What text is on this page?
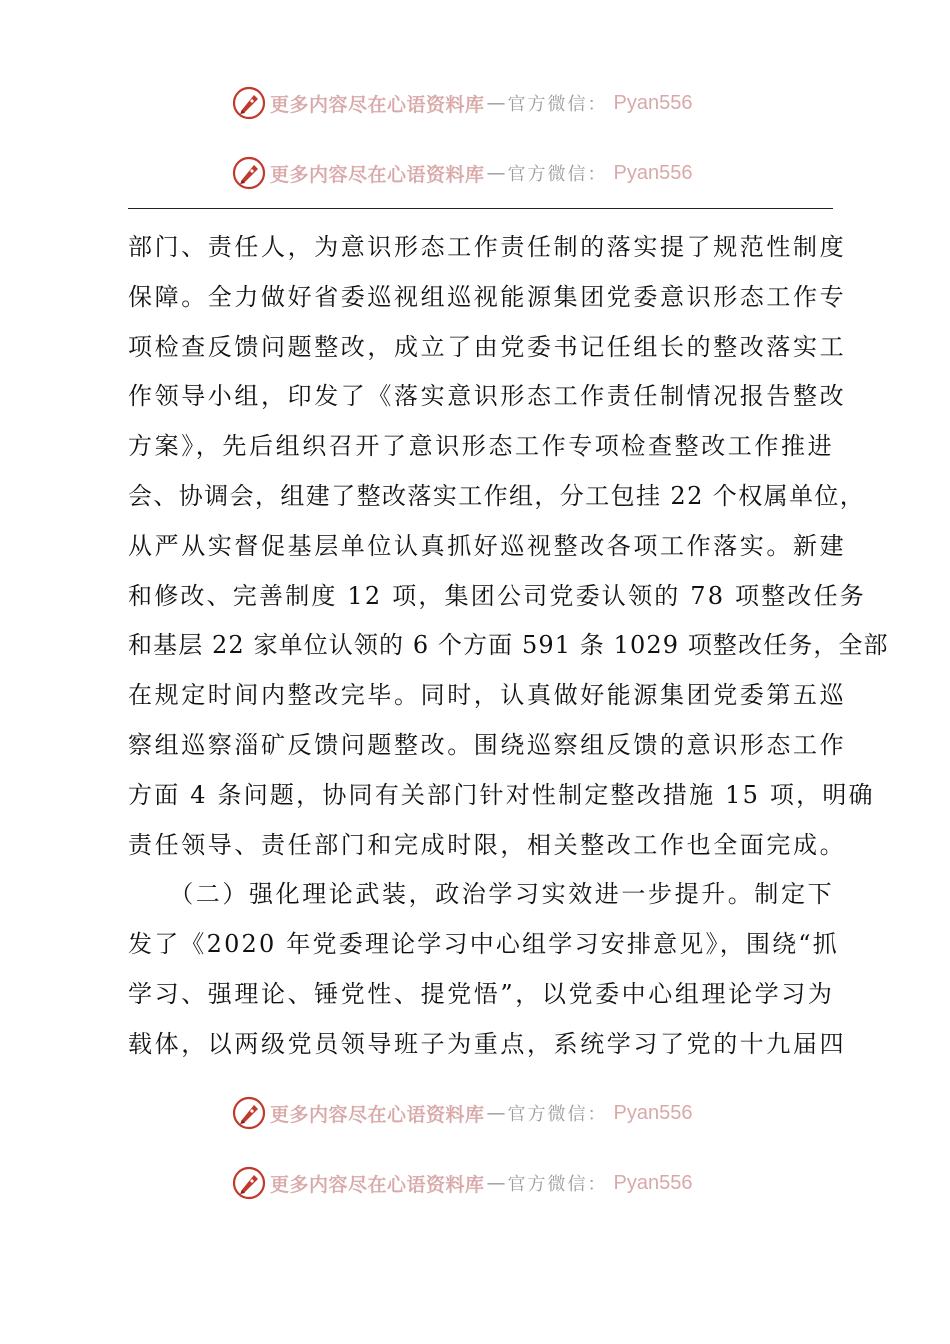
更多内容尽在心语资料库 — 官方微信： Pyan556
更多内容尽在心语资料库 — 官方微信： Pyan556
部门、责任人，为意识形态工作责任制的落实提了规范性制度
保障。全力做好省委巡视组巡视能源集团党委意识形态工作专
项检查反馈问题整改，成立了由党委书记任组长的整改落实工
作领导小组，印发了《落实意识形态工作责任制情况报告整改
方案》，先后组织召开了意识形态工作专项检查整改工作推进
会、协调会，组建了整改落实工作组，分工包挂 22 个权属单位，
从严从实督促基层单位认真抓好巡视整改各项工作落实。新建
和修改、完善制度 12 项，集团公司党委认领的 78 项整改任务
和基层 22 家单位认领的 6 个方面 591 条 1029 项整改任务，全部
在规定时间内整改完毕。同时，认真做好能源集团党委第五巡
察组巡察淄矿反馈问题整改。围绕巡察组反馈的意识形态工作
方面 4 条问题，协同有关部门针对性制定整改措施 15 项，明确
责任领导、责任部门和完成时限，相关整改工作也全面完成。
　　（二）强化理论武装，政治学习实效进一步提升。制定下
发了《2020 年党委理论学习中心组学习安排意见》，围绕“抓
学习、强理论、锤党性、提党悟”，以党委中心组理论学习为
载体，以两级党员领导班子为重点，系统学习了党的十九届四
更多内容尽在心语资料库 — 官方微信： Pyan556
更多内容尽在心语资料库 — 官方微信： Pyan556
